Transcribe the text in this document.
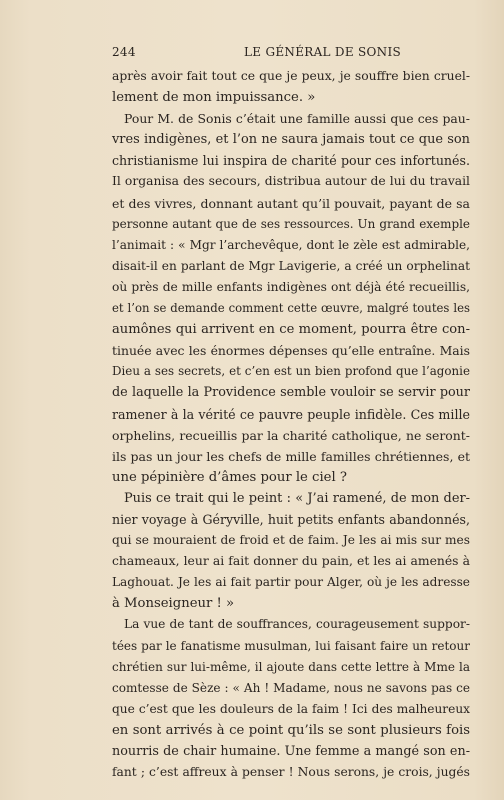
244	LE GÉNÉRAL DE SONIS
après avoir fait tout ce que je peux, je souffre bien cruel-
lement de mon impuissance. »
Pour M. de Sonis c’était une famille aussi que ces pau-
vres indigènes, et l’on ne saura jamais tout ce que son
christianisme lui inspira de charité pour ces infortunés.
Il organisa des secours, distribua autour de lui du travail
et des vivres, donnant autant qu’il pouvait, payant de sa
personne autant que de ses ressources. Un grand exemple
l’animait : « Mgr l’archevêque, dont le zèle est admirable,
disait-il en parlant de Mgr Lavigerie, a créé un orphelinat
où près de mille enfants indigènes ont déjà été recueillis,
et l’on se demande comment cette œuvre, malgré toutes les
aumônes qui arrivent en ce moment, pourra être con-
tinuée avec les énormes dépenses qu’elle entraîne. Mais
Dieu a ses secrets, et c’en est un bien profond que l’agonie
de laquelle la Providence semble vouloir se servir pour
ramener à la vérité ce pauvre peuple infidèle. Ces mille
orphelins, recueillis par la charité catholique, ne seront-
ils pas un jour les chefs de mille familles chrétiennes, et
une pépinière d’âmes pour le ciel ?
Puis ce trait qui le peint : « J’ai ramené, de mon der-
nier voyage à Géryville, huit petits enfants abandonnés,
qui se mouraient de froid et de faim. Je les ai mis sur mes
chameaux, leur ai fait donner du pain, et les ai amenés à
Laghouat. Je les ai fait partir pour Alger, où je les adresse
à Monseigneur ! »
La vue de tant de souffrances, courageusement suppor-
tées par le fanatisme musulman, lui faisant faire un retour
chrétien sur lui-même, il ajoute dans cette lettre à Mme la
comtesse de Sèze : « Ah ! Madame, nous ne savons pas ce
que c’est que les douleurs de la faim ! Ici des malheureux
en sont arrivés à ce point qu’ils se sont plusieurs fois
nourris de chair humaine. Une femme a mangé son en-
fant ; c’est affreux à penser ! Nous serons, je crois, jugés
